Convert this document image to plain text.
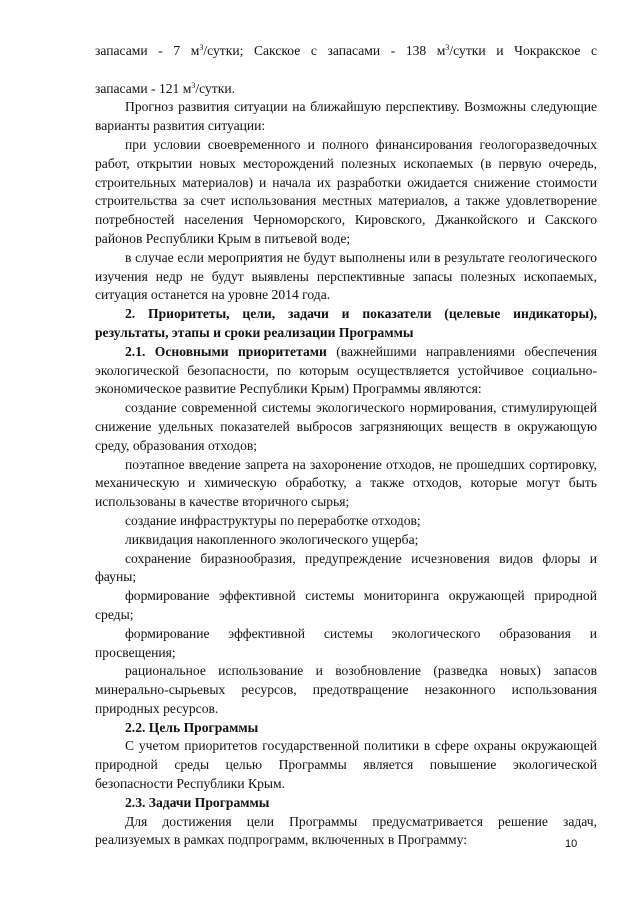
запасами - 7 $м^3$/сутки; Сакское с запасами - 138 $м^3$/сутки и Чокракское с

запасами - 121 $м^3$/сутки.

Прогноз развития ситуации на ближайшую перспективу. Возможны следующие варианты развития ситуации:

при условии своевременного и полного финансирования геологоразведочных работ, открытии новых месторождений полезных ископаемых (в первую очередь, строительных материалов) и начала их разработки ожидается снижение стоимости строительства за счет использования местных материалов, а также удовлетворение потребностей населения Черноморского, Кировского, Джанкойского и Сакского районов Республики Крым в питьевой воде;

в случае если мероприятия не будут выполнены или в результате геологического изучения недр не будут выявлены перспективные запасы полезных ископаемых, ситуация останется на уровне 2014 года.

2. Приоритеты, цели, задачи и показатели (целевые индикаторы), результаты, этапы и сроки реализации Программы

2.1. Основными приоритетами (важнейшими направлениями обеспечения экологической безопасности, по которым осуществляется устойчивое социально-экономическое развитие Республики Крым) Программы являются:

создание современной системы экологического нормирования, стимулирующей снижение удельных показателей выбросов загрязняющих веществ в окружающую среду, образования отходов;

поэтапное введение запрета на захоронение отходов, не прошедших сортировку, механическую и химическую обработку, а также отходов, которые могут быть использованы в качестве вторичного сырья;

создание инфраструктуры по переработке отходов;

ликвидация накопленного экологического ущерба;

сохранение биразнообразия, предупреждение исчезновения видов флоры и фауны;

формирование эффективной системы мониторинга окружающей природной среды;

формирование эффективной системы экологического образования и просвещения;

рациональное использование и возобновление (разведка новых) запасов минерально-сырьевых ресурсов, предотвращение незаконного использования природных ресурсов.

2.2. Цель Программы

С учетом приоритетов государственной политики в сфере охраны окружающей природной среды целью Программы является повышение экологической безопасности Республики Крым.

2.3. Задачи Программы

Для достижения цели Программы предусматривается решение задач, реализуемых в рамках подпрограмм, включенных в Программу:	10
